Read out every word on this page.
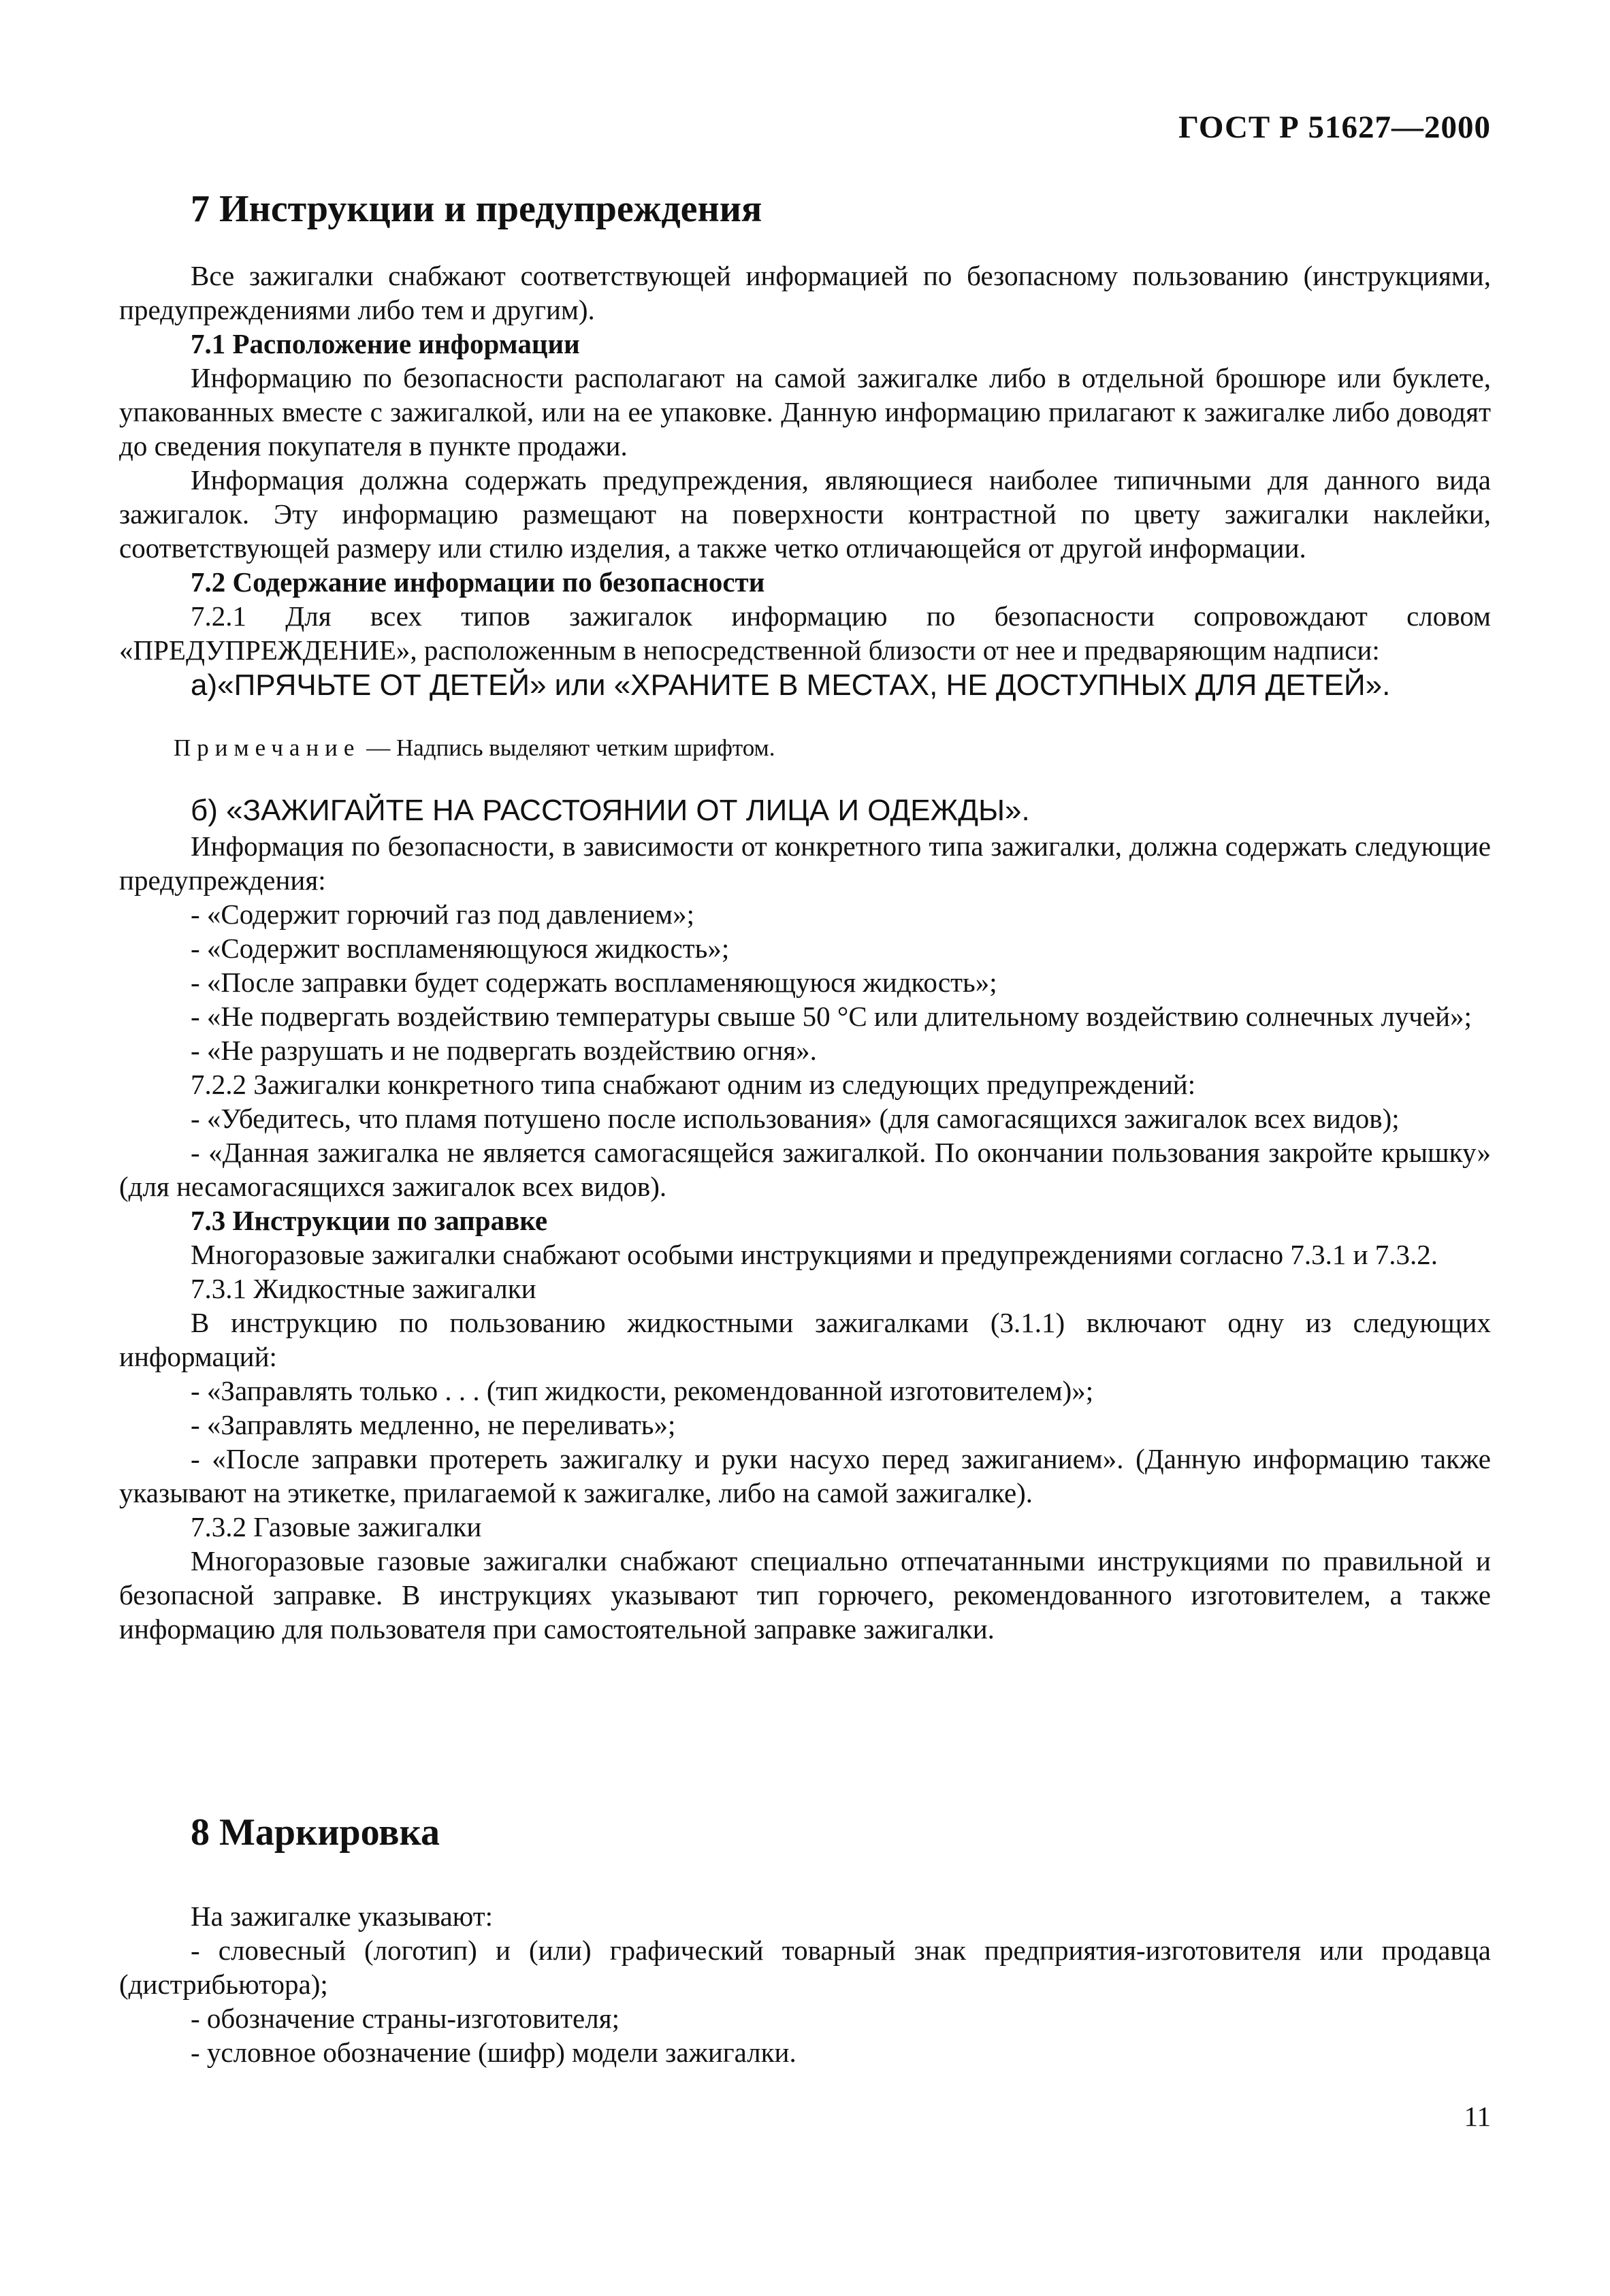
ГОСТ Р 51627—2000
7 Инструкции и предупреждения

Все зажигалки снабжают соответствующей информацией по безопасному пользованию (инструкциями, предупреждениями либо тем и другим).

7.1 Расположение информации

Информацию по безопасности располагают на самой зажигалке либо в отдельной брошюре или буклете, упакованных вместе с зажигалкой, или на ее упаковке. Данную информацию прилагают к зажигалке либо доводят до сведения покупателя в пункте продажи.

Информация должна содержать предупреждения, являющиеся наиболее типичными для данного вида зажигалок. Эту информацию размещают на поверхности контрастной по цвету зажигалки наклейки, соответствующей размеру или стилю изделия, а также четко отличающейся от другой информации.

7.2 Содержание информации по безопасности

7.2.1 Для всех типов зажигалок информацию по безопасности сопровождают словом «ПРЕДУПРЕЖДЕНИЕ», расположенным в непосредственной близости от нее и предваряющим надписи:

а)«ПРЯЧЬТЕ ОТ ДЕТЕЙ» или «ХРАНИТЕ В МЕСТАХ, НЕ ДОСТУПНЫХ ДЛЯ ДЕТЕЙ».

Примечание — Надпись выделяют четким шрифтом.

б) «ЗАЖИГАЙТЕ НА РАССТОЯНИИ ОТ ЛИЦА И ОДЕЖДЫ».

Информация по безопасности, в зависимости от конкретного типа зажигалки, должна содержать следующие предупреждения:

- «Содержит горючий газ под давлением»;

- «Содержит воспламеняющуюся жидкость»;

- «После заправки будет содержать воспламеняющуюся жидкость»;

- «Не подвергать воздействию температуры свыше 50 °С или длительному воздействию солнечных лучей»;

- «Не разрушать и не подвергать воздействию огня».

7.2.2 Зажигалки конкретного типа снабжают одним из следующих предупреждений:

- «Убедитесь, что пламя потушено после использования» (для самогасящихся зажигалок всех видов);

- «Данная зажигалка не является самогасящейся зажигалкой. По окончании пользования закройте крышку» (для несамогасящихся зажигалок всех видов).

7.3 Инструкции по заправке

Многоразовые зажигалки снабжают особыми инструкциями и предупреждениями согласно 7.3.1 и 7.3.2.

7.3.1 Жидкостные зажигалки

В инструкцию по пользованию жидкостными зажигалками (3.1.1) включают одну из следующих информаций:

- «Заправлять только . . . (тип жидкости, рекомендованной изготовителем)»;

- «Заправлять медленно, не переливать»;

- «После заправки протереть зажигалку и руки насухо перед зажиганием». (Данную информацию также указывают на этикетке, прилагаемой к зажигалке, либо на самой зажигалке).

7.3.2 Газовые зажигалки

Многоразовые газовые зажигалки снабжают специально отпечатанными инструкциями по правильной и безопасной заправке. В инструкциях указывают тип горючего, рекомендованного изготовителем, а также информацию для пользователя при самостоятельной заправке зажигалки.

8 Маркировка

На зажигалке указывают:

- словесный (логотип) и (или) графический товарный знак предприятия-изготовителя или продавца (дистрибьютора);

- обозначение страны-изготовителя;

- условное обозначение (шифр) модели зажигалки.

11
